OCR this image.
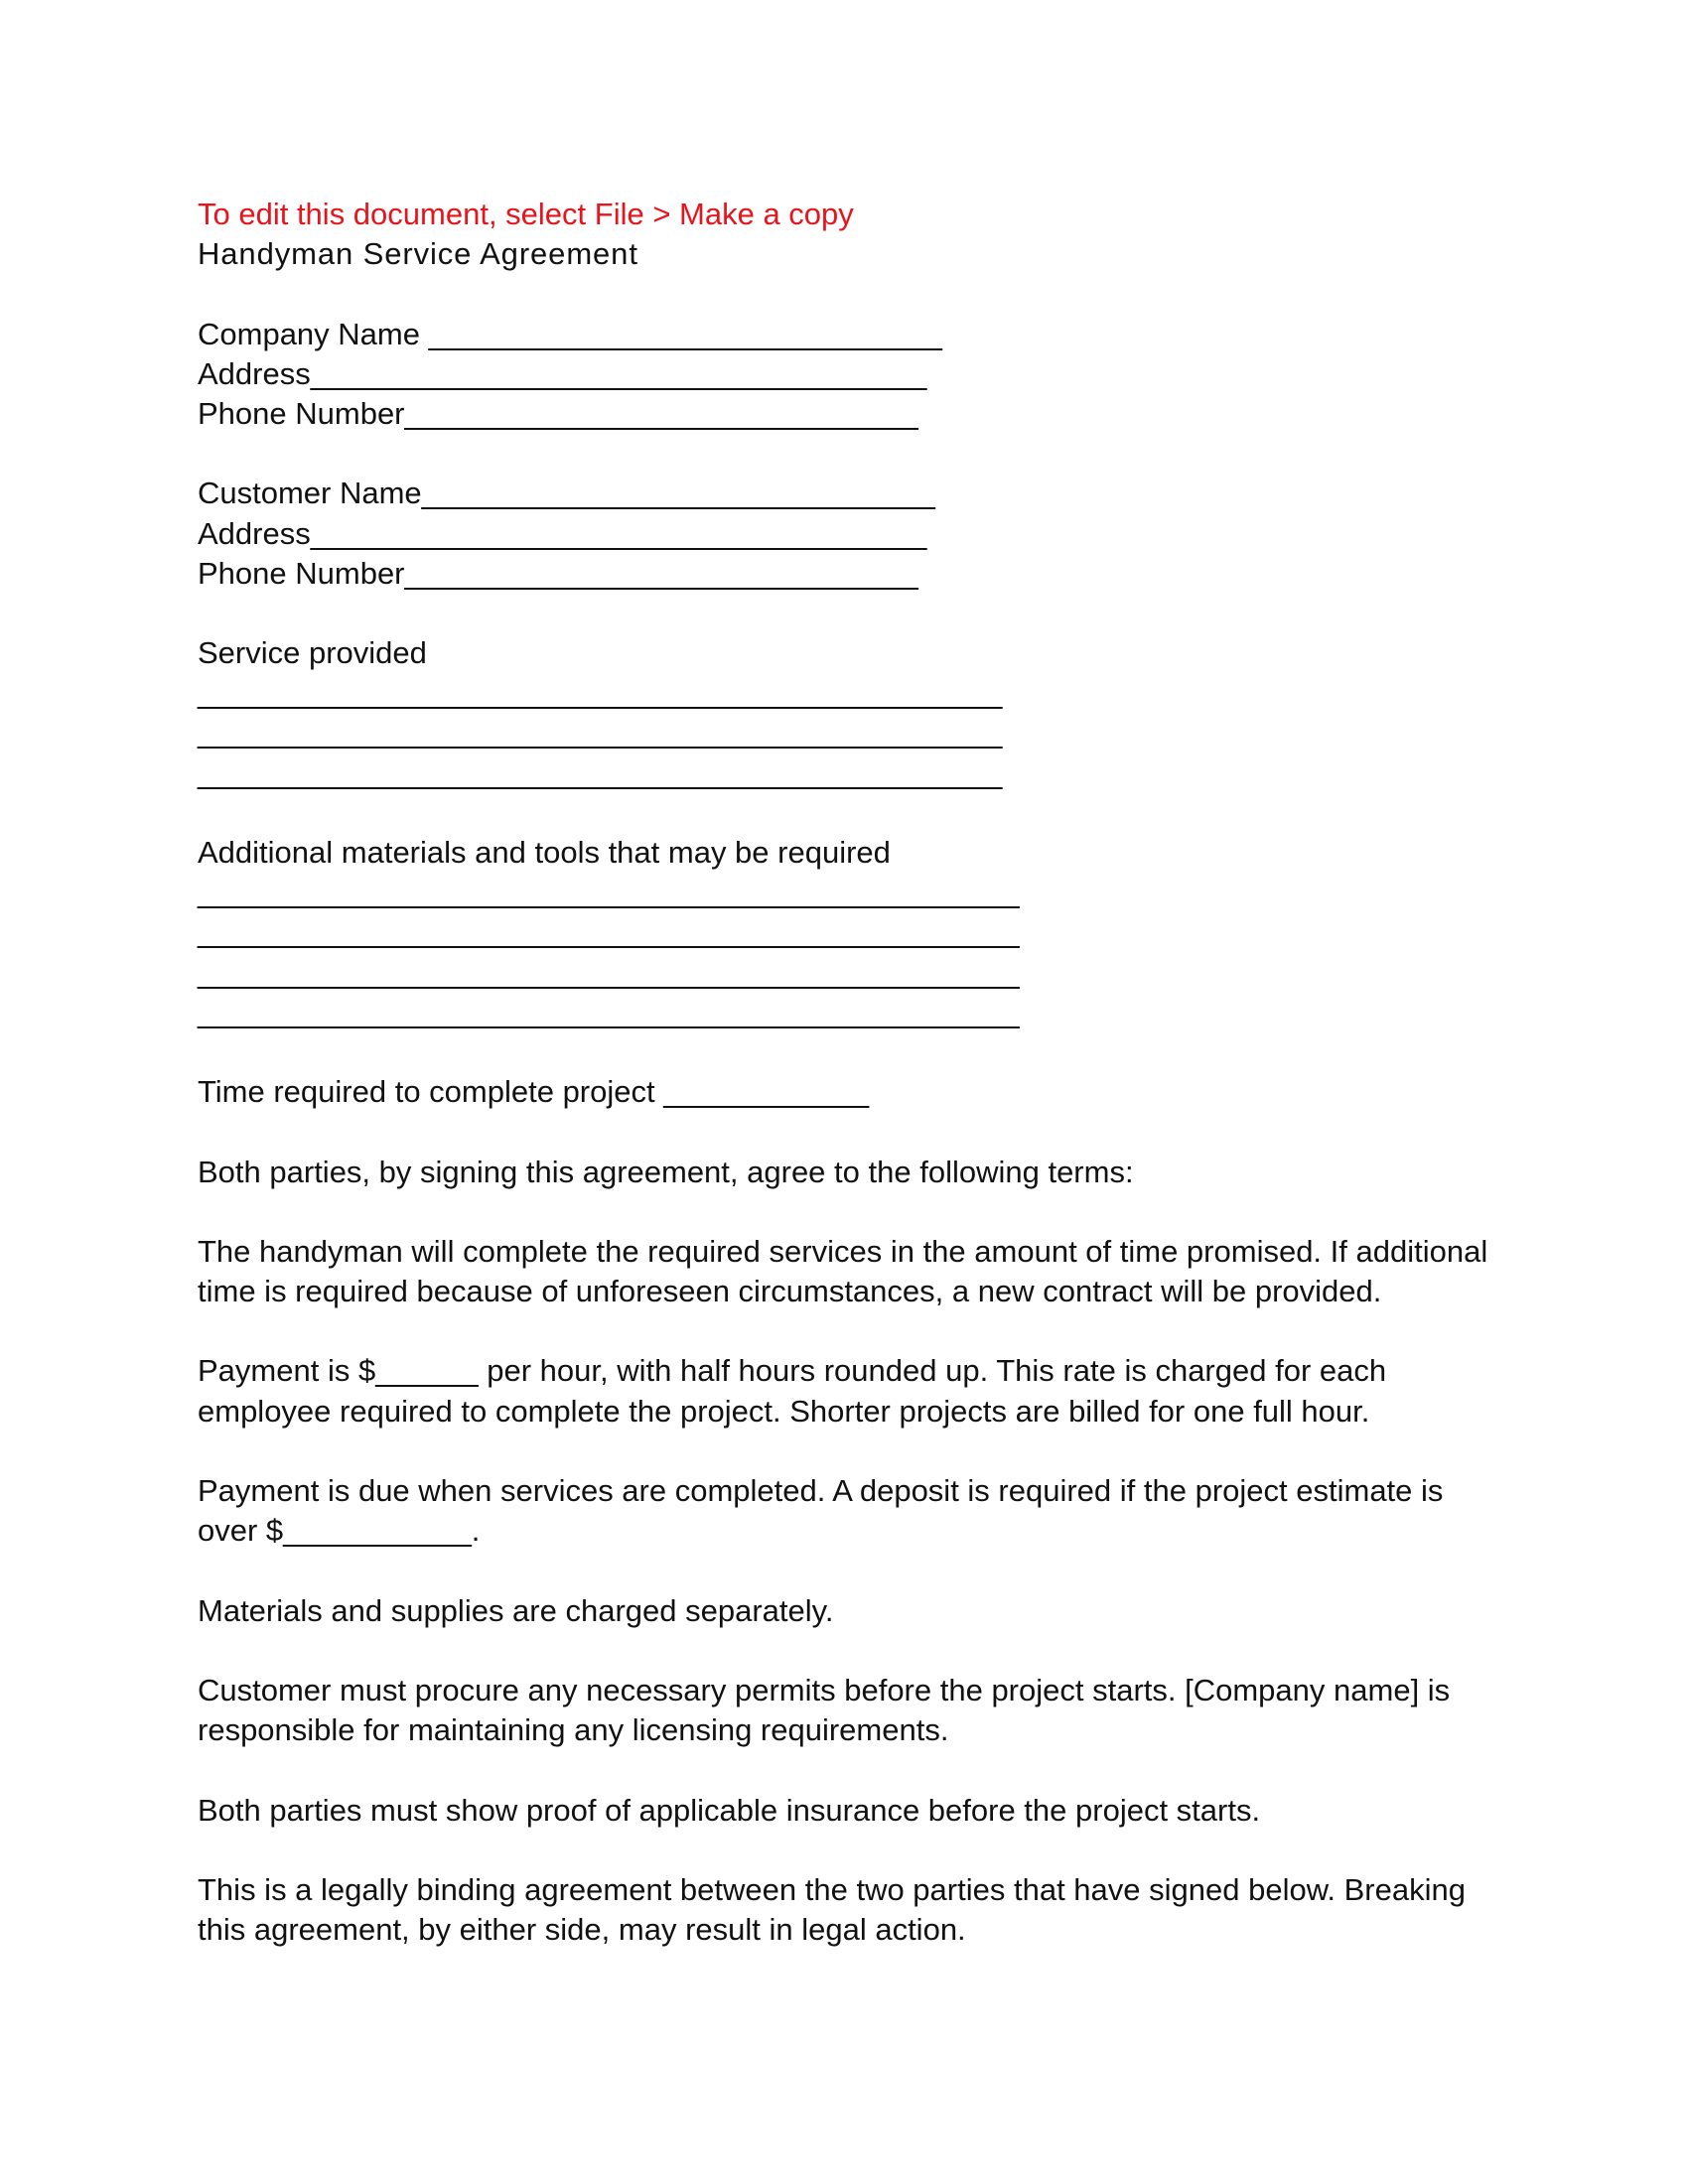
To edit this document, select File > Make a copy
Handyman Service Agreement
Company Name ______________________________
Address____________________________________
Phone Number______________________________
Customer Name______________________________
Address____________________________________
Phone Number______________________________
Service provided
_______________________________________________
_______________________________________________
_______________________________________________
Additional materials and tools that may be required
________________________________________________
________________________________________________
________________________________________________
________________________________________________
Time required to complete project ____________
Both parties, by signing this agreement, agree to the following terms:
The handyman will complete the required services in the amount of time promised. If additional time is required because of unforeseen circumstances, a new contract will be provided.
Payment is $______ per hour, with half hours rounded up. This rate is charged for each employee required to complete the project. Shorter projects are billed for one full hour.
Payment is due when services are completed. A deposit is required if the project estimate is over $___________.
Materials and supplies are charged separately.
Customer must procure any necessary permits before the project starts. [Company name] is responsible for maintaining any licensing requirements.
Both parties must show proof of applicable insurance before the project starts.
This is a legally binding agreement between the two parties that have signed below. Breaking this agreement, by either side, may result in legal action.
